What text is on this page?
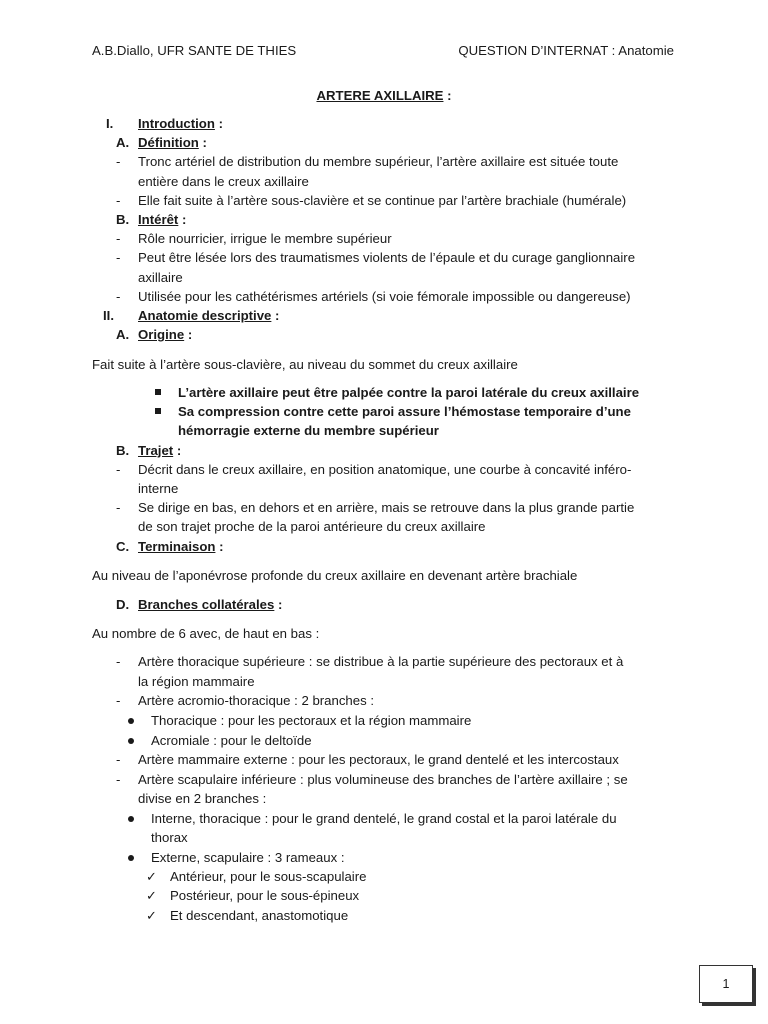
A.B.Diallo, UFR SANTE DE THIES	QUESTION D’INTERNAT : Anatomie
ARTERE AXILLAIRE :
I. Introduction :
A. Définition :
- Tronc artériel de distribution du membre supérieur, l’artère axillaire est située toute
entière dans le creux axillaire
- Elle fait suite à l’artère sous-clavière et se continue par l’artère brachiale (humérale)
B. Intérêt :
- Rôle nourricier, irrigue le membre supérieur
- Peut être lésée lors des traumatismes violents de l’épaule et du curage ganglionnaire
axillaire
- Utilisée pour les cathétérismes artériels (si voie fémorale impossible ou dangereuse)
II. Anatomie descriptive :
A. Origine :
Fait suite à l’artère sous-clavière, au niveau du sommet du creux axillaire
L’artère axillaire peut être palpée contre la paroi latérale du creux axillaire
Sa compression contre cette paroi assure l’hémostase temporaire d’une
hémorragie externe du membre supérieur
B. Trajet :
- Décrit dans le creux axillaire, en position anatomique, une courbe à concavité inféro-
interne
- Se dirige en bas, en dehors et en arrière, mais se retrouve dans la plus grande partie
de son trajet proche de la paroi antérieure du creux axillaire
C. Terminaison :
Au niveau de l’aponévrose profonde du creux axillaire en devenant artère brachiale
D. Branches collatérales :
Au nombre de 6 avec, de haut en bas :
- Artère thoracique supérieure : se distribue à la partie supérieure des pectoraux et à
la région mammaire
- Artère acromio-thoracique : 2 branches :
Thoracique : pour les pectoraux et la région mammaire
Acromiale : pour le deltoïde
- Artère mammaire externe : pour les pectoraux, le grand dentelé et les intercostaux
- Artère scapulaire inférieure : plus volumineuse des branches de l’artère axillaire ; se
divise en 2 branches :
Interne, thoracique : pour le grand dentelé, le grand costal et la paroi latérale du
thorax
Externe, scapulaire : 3 rameaux :
✓ Antérieur, pour le sous-scapulaire
✓ Postérieur, pour le sous-épineux
✓ Et descendant, anastomotique
1
